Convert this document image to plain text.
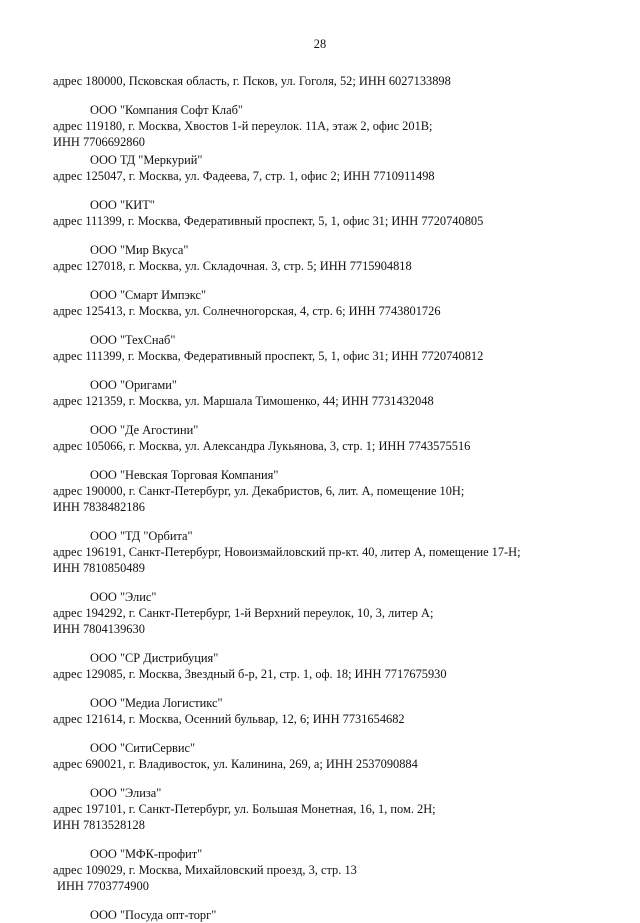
28
адрес 180000, Псковская область, г. Псков, ул. Гоголя, 52; ИНН 6027133898
ООО "Компания Софт Клаб"
адрес 119180, г. Москва, Хвостов 1-й переулок. 11А, этаж 2, офис 201В;
ИНН 7706692860
ООО ТД "Меркурий"
адрес 125047, г. Москва, ул. Фадеева, 7, стр. 1, офис 2; ИНН 7710911498
ООО "КИТ"
адрес 111399, г. Москва, Федеративный проспект, 5, 1, офис 31; ИНН 7720740805
ООО "Мир Вкуса"
адрес 127018, г. Москва, ул. Складочная. 3, стр. 5; ИНН 7715904818
ООО "Смарт Импэкс"
адрес 125413, г. Москва, ул. Солнечногорская, 4, стр. 6; ИНН 7743801726
ООО "ТехСнаб"
адрес 111399, г. Москва, Федеративный проспект, 5, 1, офис 31; ИНН 7720740812
ООО "Оригами"
адрес 121359, г. Москва, ул. Маршала Тимошенко, 44; ИНН 7731432048
ООО "Де Агостини"
адрес 105066, г. Москва, ул. Александра Лукьянова, 3, стр. 1; ИНН 7743575516
ООО "Невская Торговая Компания"
адрес 190000, г. Санкт-Петербург, ул. Декабристов, 6, лит. А, помещение 10Н;
ИНН 7838482186
ООО "ТД "Орбита"
адрес 196191, Санкт-Петербург, Новоизмайловский пр-кт. 40, литер А, помещение 17-Н;
ИНН 7810850489
ООО "Элис"
адрес 194292, г. Санкт-Петербург, 1-й Верхний переулок, 10, 3, литер А;
ИНН 7804139630
ООО "СР Дистрибуция"
адрес 129085, г. Москва, Звездный б-р, 21, стр. 1, оф. 18; ИНН 7717675930
ООО "Медиа Логистикс"
адрес 121614, г. Москва, Осенний бульвар, 12, 6; ИНН 7731654682
ООО "СитиСервис"
адрес 690021, г. Владивосток, ул. Калинина, 269, а; ИНН 2537090884
ООО "Элиза"
адрес 197101, г. Санкт-Петербург, ул. Большая Монетная, 16, 1, пом. 2Н;
ИНН 7813528128
ООО "МФК-профит"
адрес 109029, г. Москва, Михайловский проезд, 3, стр. 13
ИНН 7703774900
ООО "Посуда опт-торг"
